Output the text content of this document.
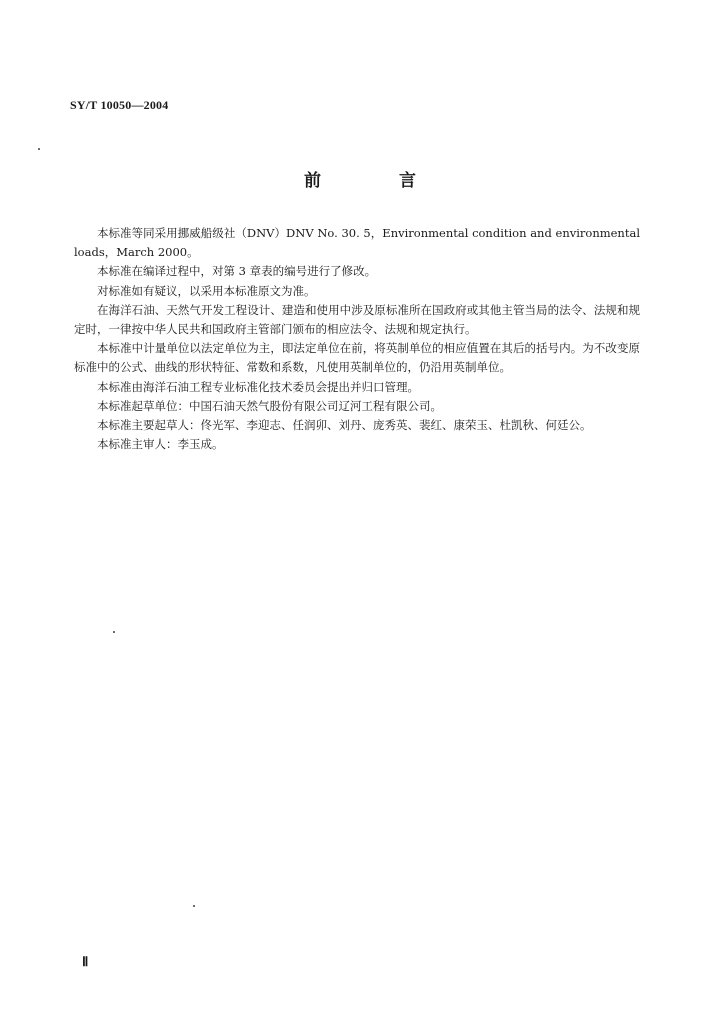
SY/T 10050—2004
前 言

本标准等同采用挪威船级社（DNV）DNV No. 30. 5，Environmental condition and environmental loads，March 2000。

本标准在编译过程中，对第 3 章表的编号进行了修改。

对标准如有疑议，以采用本标准原文为准。

在海洋石油、天然气开发工程设计、建造和使用中涉及原标准所在国政府或其他主管当局的法令、法规和规定时，一律按中华人民共和国政府主管部门颁布的相应法令、法规和规定执行。

本标准中计量单位以法定单位为主，即法定单位在前，将英制单位的相应值置在其后的括号内。为不改变原标准中的公式、曲线的形状特征、常数和系数，凡使用英制单位的，仍沿用英制单位。

本标准由海洋石油工程专业标准化技术委员会提出并归口管理。

本标准起草单位：中国石油天然气股份有限公司辽河工程有限公司。

本标准主要起草人： 佟光军、李迎志、任润卯、刘丹、庞秀英、裴红、康荣玉、杜凯秋、何廷公。

本标准主审人：李玉成。

Ⅱ
